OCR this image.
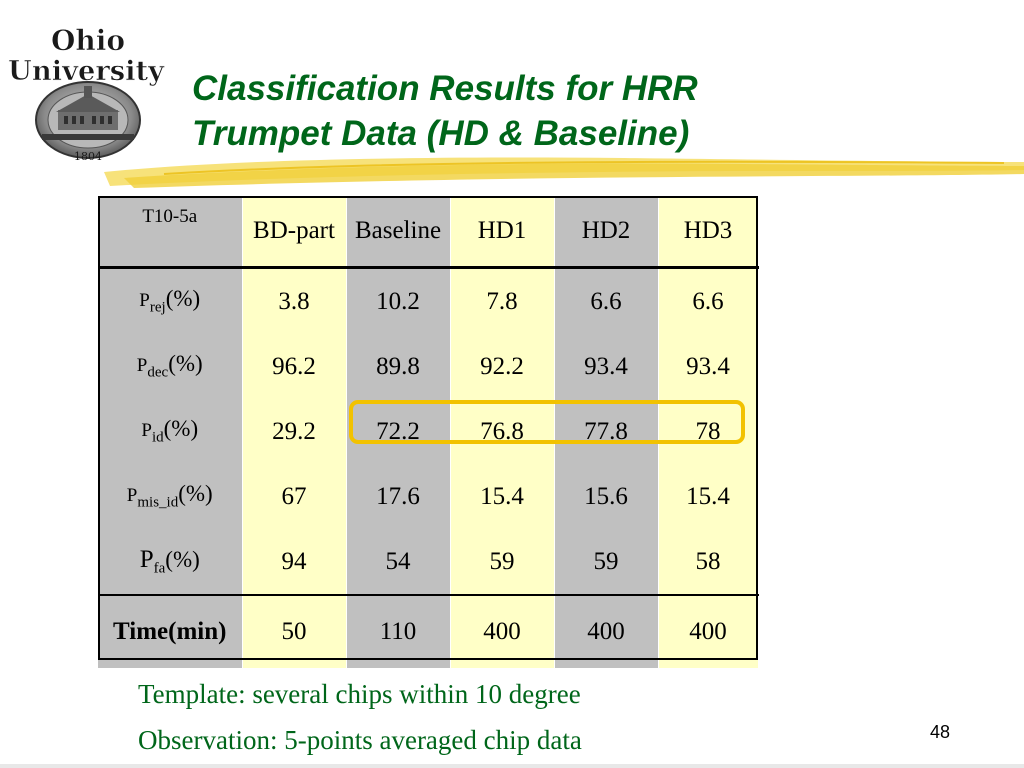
Ohio
University
1804
Classification Results for HRR
Trumpet Data (HD & Baseline)
T10-5a	BD-part	Baseline	HD1	HD2	HD3

$P_{rej}(\%)$	3.8	10.2	7.8	6.6	6.6
$P_{dec}(\%)$	96.2	89.8	92.2	93.4	93.4
$P_{id}(\%)$	29.2	72.2	76.8	77.8	78
$P_{mis\_id}(\%)$	67	17.6	15.4	15.6	15.4
$P_{fa}(\%)$	94	54	59	59	58
Time(min)	50	110	400	400	400
Template: several chips within 10 degree
Observation: 5-points averaged chip data	48
